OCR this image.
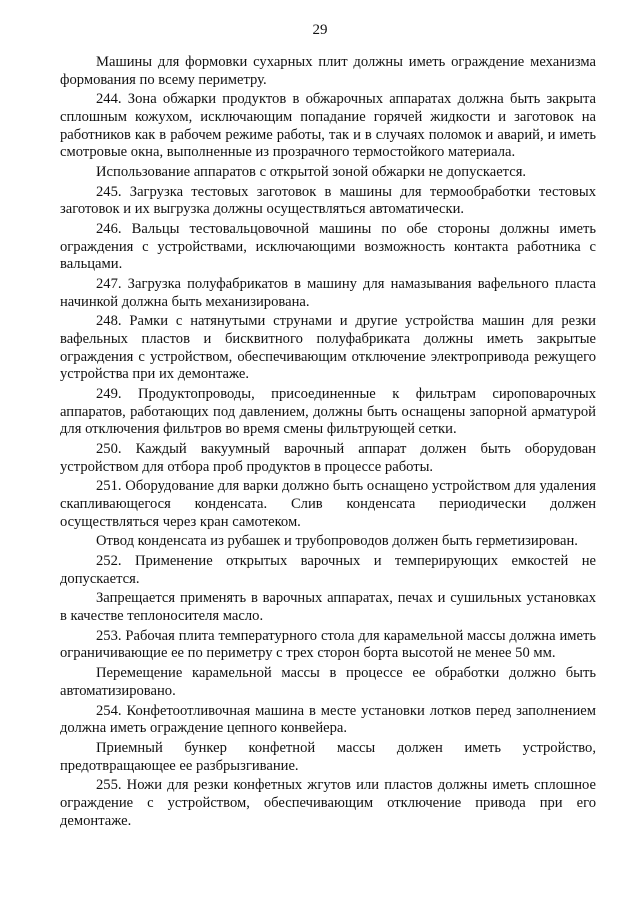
29

Машины для формовки сухарных плит должны иметь ограждение механизма формования по всему периметру.

244. Зона обжарки продуктов в обжарочных аппаратах должна быть закрыта сплошным кожухом, исключающим попадание горячей жидкости и заготовок на работников как в рабочем режиме работы, так и в случаях поломок и аварий, и иметь смотровые окна, выполненные из прозрачного термостойкого материала.

Использование аппаратов с открытой зоной обжарки не допускается.

245. Загрузка тестовых заготовок в машины для термообработки тестовых заготовок и их выгрузка должны осуществляться автоматически.

246. Вальцы тестовальцовочной машины по обе стороны должны иметь ограждения с устройствами, исключающими возможность контакта работника с вальцами.

247. Загрузка полуфабрикатов в машину для намазывания вафельного пласта начинкой должна быть механизирована.

248. Рамки с натянутыми струнами и другие устройства машин для резки вафельных пластов и бисквитного полуфабриката должны иметь закрытые ограждения с устройством, обеспечивающим отключение электропривода режущего устройства при их демонтаже.

249. Продуктопроводы, присоединенные к фильтрам сироповарочных аппаратов, работающих под давлением, должны быть оснащены запорной арматурой для отключения фильтров во время смены фильтрующей сетки.

250. Каждый вакуумный варочный аппарат должен быть оборудован устройством для отбора проб продуктов в процессе работы.

251. Оборудование для варки должно быть оснащено устройством для удаления скапливающегося конденсата. Слив конденсата периодически должен осуществляться через кран самотеком.

Отвод конденсата из рубашек и трубопроводов должен быть герметизирован.

252. Применение открытых варочных и темперирующих емкостей не допускается.

Запрещается применять в варочных аппаратах, печах и сушильных установках в качестве теплоносителя масло.

253. Рабочая плита температурного стола для карамельной массы должна иметь ограничивающие ее по периметру с трех сторон борта высотой не менее 50 мм.

Перемещение карамельной массы в процессе ее обработки должно быть автоматизировано.

254. Конфетоотливочная машина в месте установки лотков перед заполнением должна иметь ограждение цепного конвейера.

Приемный бункер конфетной массы должен иметь устройство, предотвращающее ее разбрызгивание.

255. Ножи для резки конфетных жгутов или пластов должны иметь сплошное ограждение с устройством, обеспечивающим отключение привода при его демонтаже.
